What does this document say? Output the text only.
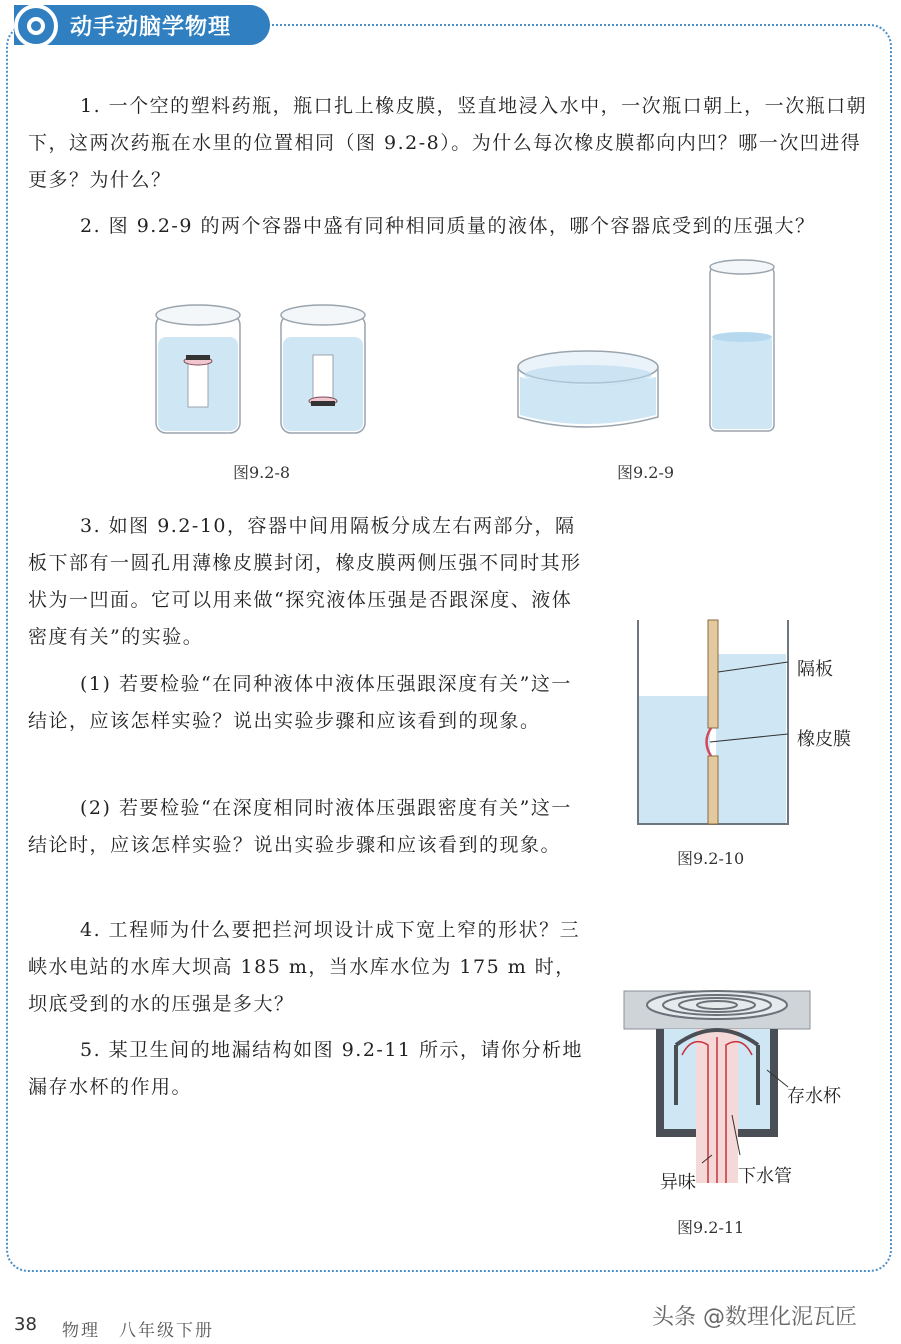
动手动脑学物理
1. 一个空的塑料药瓶，瓶口扎上橡皮膜，竖直地浸入水中，一次瓶口朝上，一次瓶口朝下，这两次药瓶在水里的位置相同（图 9.2-8）。为什么每次橡皮膜都向内凹？哪一次凹进得更多？为什么？
2. 图 9.2-9 的两个容器中盛有同种相同质量的液体，哪个容器底受到的压强大？
图9.2-8	图9.2-9
3. 如图 9.2-10，容器中间用隔板分成左右两部分，隔板下部有一圆孔用薄橡皮膜封闭，橡皮膜两侧压强不同时其形状为一凹面。它可以用来做“探究液体压强是否跟深度、液体密度有关”的实验。
(1) 若要检验“在同种液体中液体压强跟深度有关”这一结论，应该怎样实验？说出实验步骤和应该看到的现象。
(2) 若要检验“在深度相同时液体压强跟密度有关”这一结论时，应该怎样实验？说出实验步骤和应该看到的现象。
隔板
橡皮膜
图9.2-10
4. 工程师为什么要把拦河坝设计成下宽上窄的形状？三峡水电站的水库大坝高 185 m，当水库水位为 175 m 时，坝底受到的水的压强是多大？
5. 某卫生间的地漏结构如图 9.2-11 所示，请你分析地漏存水杯的作用。	存水杯
异味 下水管
图9.2-11
38 物理　八年级下册
头条 @数理化泥瓦匠
